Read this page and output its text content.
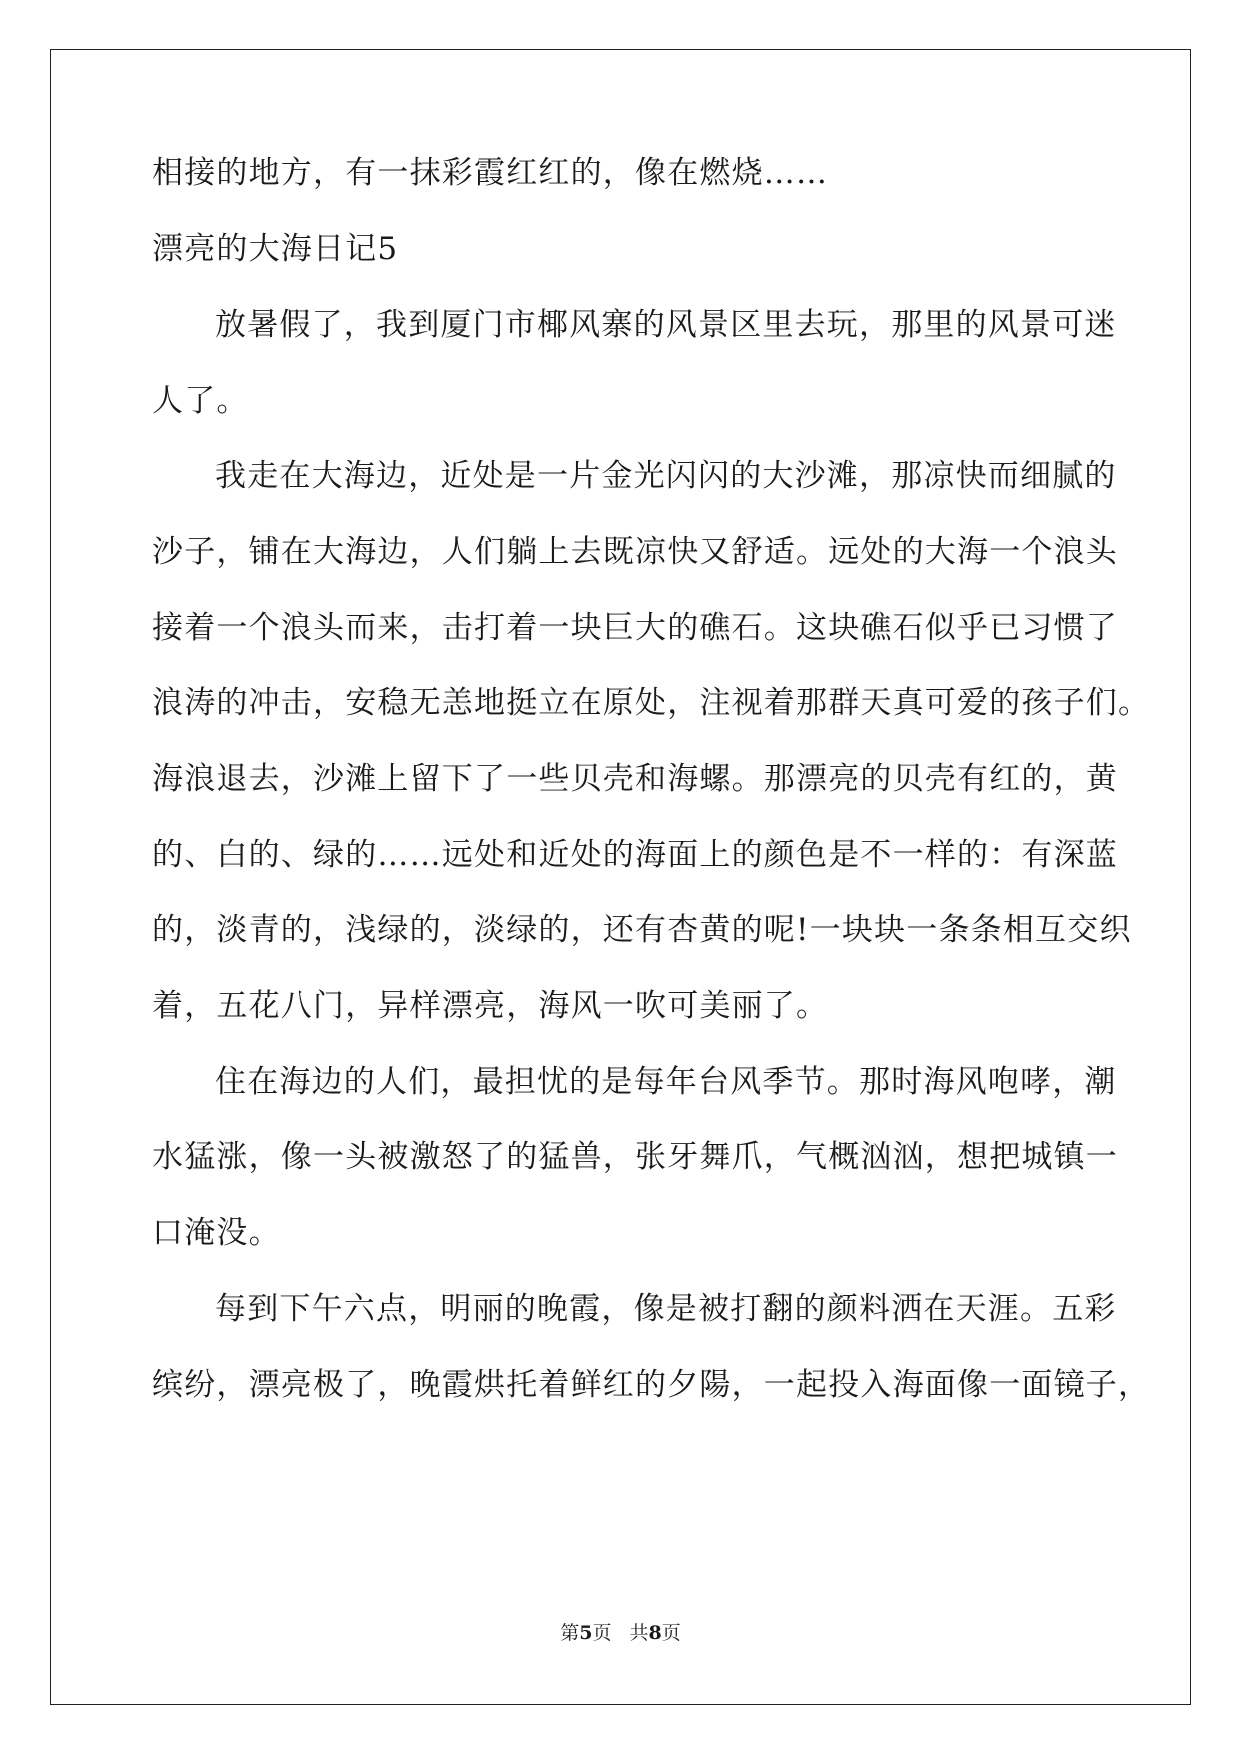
相接的地方，有一抹彩霞红红的，像在燃烧……
漂亮的大海日记5
放暑假了，我到厦门市椰风寨的风景区里去玩，那里的风景可迷
人了。
我走在大海边，近处是一片金光闪闪的大沙滩，那凉快而细腻的
沙子，铺在大海边，人们躺上去既凉快又舒适。远处的大海一个浪头
接着一个浪头而来，击打着一块巨大的礁石。这块礁石似乎已习惯了
浪涛的冲击，安稳无恙地挺立在原处，注视着那群天真可爱的孩子们。
海浪退去，沙滩上留下了一些贝壳和海螺。那漂亮的贝壳有红的，黄
的、白的、绿的……远处和近处的海面上的颜色是不一样的：有深蓝
的，淡青的，浅绿的，淡绿的，还有杏黄的呢!一块块一条条相互交织
着，五花八门，异样漂亮，海风一吹可美丽了。
住在海边的人们，最担忧的是每年台风季节。那时海风咆哮，潮
水猛涨，像一头被激怒了的猛兽，张牙舞爪，气概汹汹，想把城镇一
口淹没。
每到下午六点，明丽的晚霞，像是被打翻的颜料洒在天涯。五彩
缤纷，漂亮极了，晚霞烘托着鲜红的夕陽，一起投入海面像一面镜子，
第5页 共8页
